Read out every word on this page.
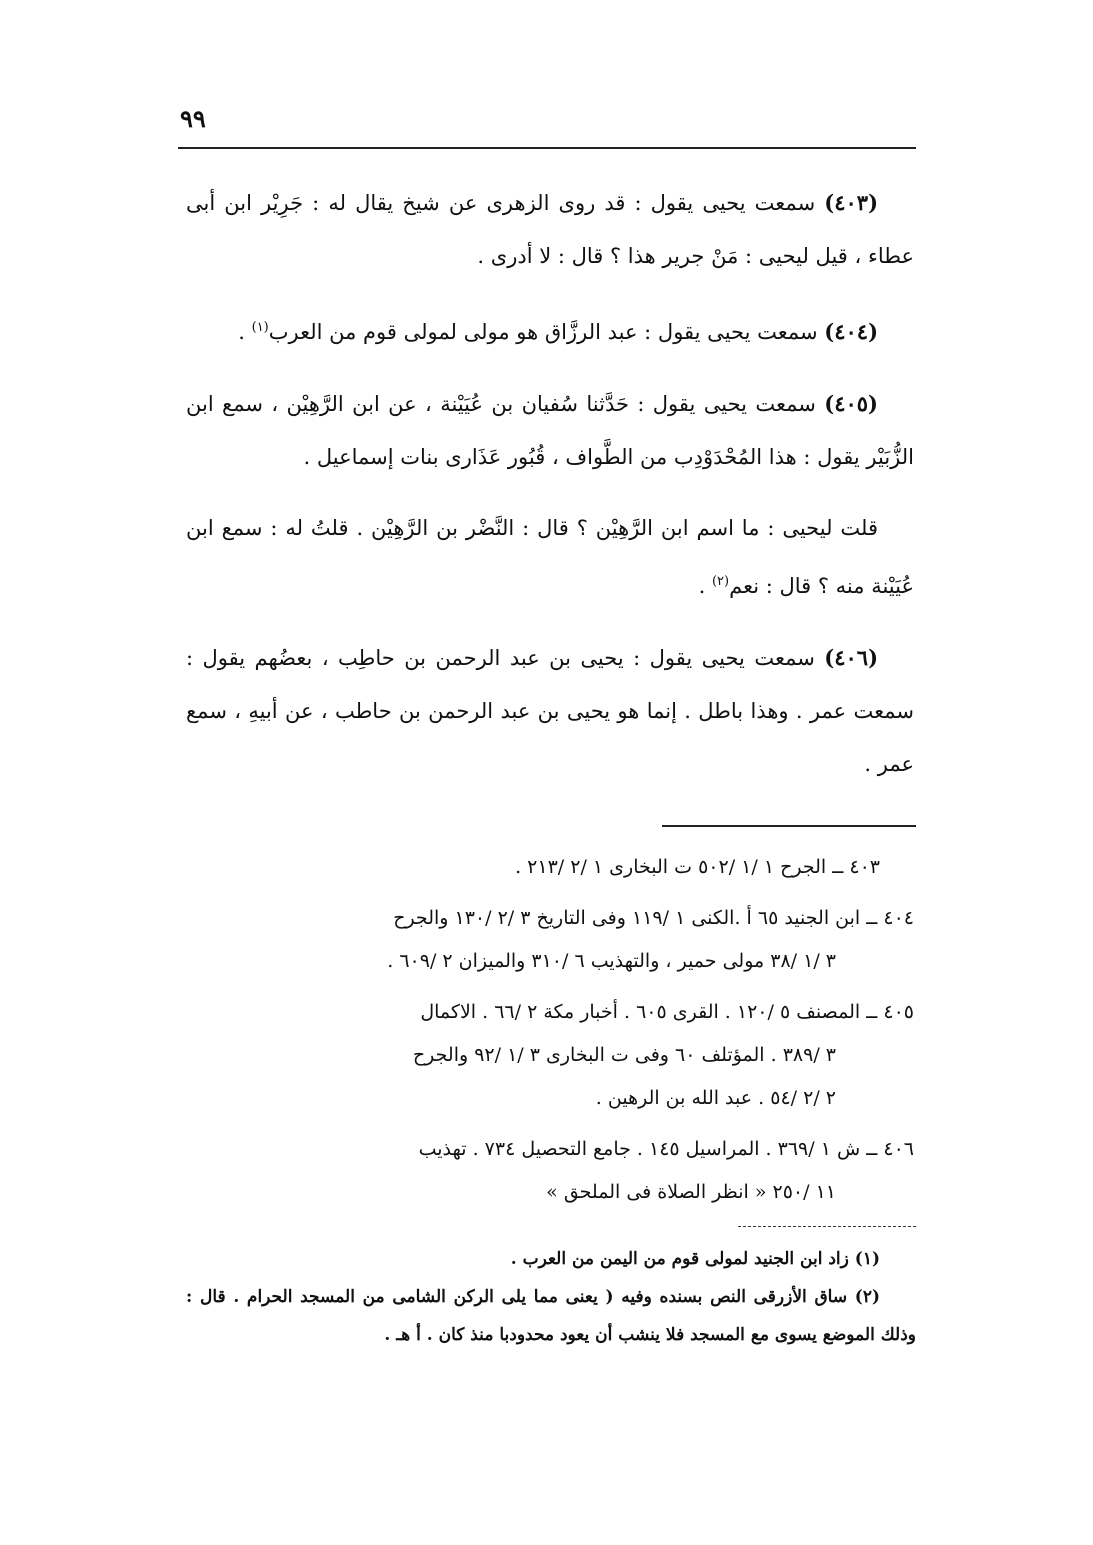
٩٩

(٤٠٣) سمعت يحيى يقول : قد روى الزهرى عن شيخ يقال له : جَرِيْر ابن أبى عطاء ، قيل ليحيى : مَنْ جرير هذا ؟ قال : لا أدرى .

(٤٠٤) سمعت يحيى يقول : عبد الرزَّاق هو مولى لمولى قوم من العرب$^{(١)}$ .

(٤٠٥) سمعت يحيى يقول : حَدَّثنا سُفيان بن عُيَيْنة ، عن ابن الرَّهِيْن ، سمع ابن الزُّبَيْر يقول : هذا المُحْدَوْدِب من الطَّواف ، قُبُور عَذَارى بنات إسماعيل .

قلت ليحيى : ما اسم ابن الرَّهِيْن ؟ قال : النَّضْر بن الرَّهِيْن . قلتُ له : سمع ابن عُيَيْنة منه ؟ قال : نعم$^{(٢)}$ .

(٤٠٦) سمعت يحيى يقول : يحيى بن عبد الرحمن بن حاطِب ، بعضُهم يقول : سمعت عمر . وهذا باطل . إنما هو يحيى بن عبد الرحمن بن حاطب ، عن أبيهِ ، سمع عمر .

٤٠٣ ــ الجرح ١ /١ /٥٠٢ ت البخارى ١ /٢ /٢١٣ .
٤٠٤ ــ ابن الجنيد ٦٥ أ .الكنى ١ /١١٩ وفى التاريخ ٣ /٢ /١٣٠ والجرح
٣ /١ /٣٨ مولى حمير ، والتهذيب ٦ /٣١٠ والميزان ٢ /٦٠٩ .
٤٠٥ ــ المصنف ٥ /١٢٠ . القرى ٦٠٥ . أخبار مكة ٢ /٦٦ . الاكمال
٣ /٣٨٩ . المؤتلف ٦٠ وفى ت البخارى ٣ /١ /٩٢ والجرح
٢ /٢ /٥٤ . عبد الله بن الرهين .
٤٠٦ ــ ش ١ /٣٦٩ . المراسيل ١٤٥ . جامع التحصيل ٧٣٤ . تهذيب
١١ /٢٥٠ « انظر الصلاة فى الملحق »

(١) زاد ابن الجنيد لمولى قوم من اليمن من العرب .

(٢) ساق الأزرقى النص بسنده وفيه ( يعنى مما يلى الركن الشامى من المسجد الحرام . قال : وذلك الموضع يسوى مع المسجد فلا ينشب أن يعود محدودبا منذ كان . أ هـ .
